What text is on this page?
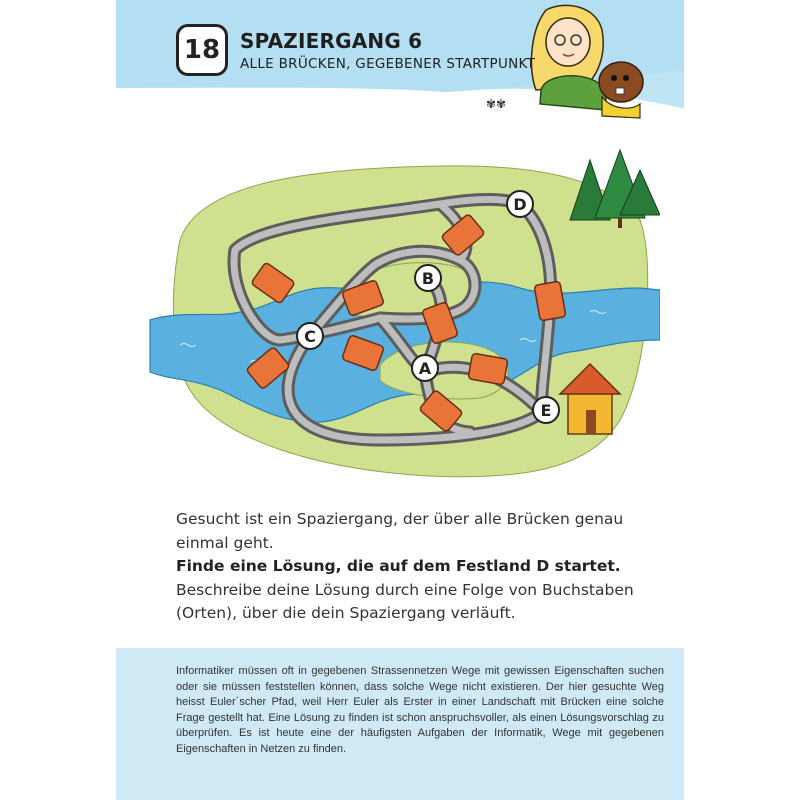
✾✾
18 SPAZIERGANG 6
ALLE BRÜCKEN, GEGEBENER STARTPUNKT
D
B
C
A
E

Gesucht ist ein Spaziergang, der über alle Brücken genau einmal geht.

Finde eine Lösung, die auf dem Festland D startet.

Beschreibe deine Lösung durch eine Folge von Buchstaben (Orten), über die dein Spaziergang verläuft.

Informatiker müssen oft in gegebenen Strassennetzen Wege mit gewissen Eigenschaften suchen oder sie müssen feststellen können, dass solche Wege nicht existieren. Der hier gesuchte Weg heisst Euler´scher Pfad, weil Herr Euler als Erster in einer Landschaft mit Brücken eine solche Frage gestellt hat. Eine Lösung zu finden ist schon anspruchsvoller, als einen Lösungsvorschlag zu überprüfen. Es ist heute eine der häufigsten Aufgaben der Informatik, Wege mit gegebenen Eigenschaften in Netzen zu finden.
